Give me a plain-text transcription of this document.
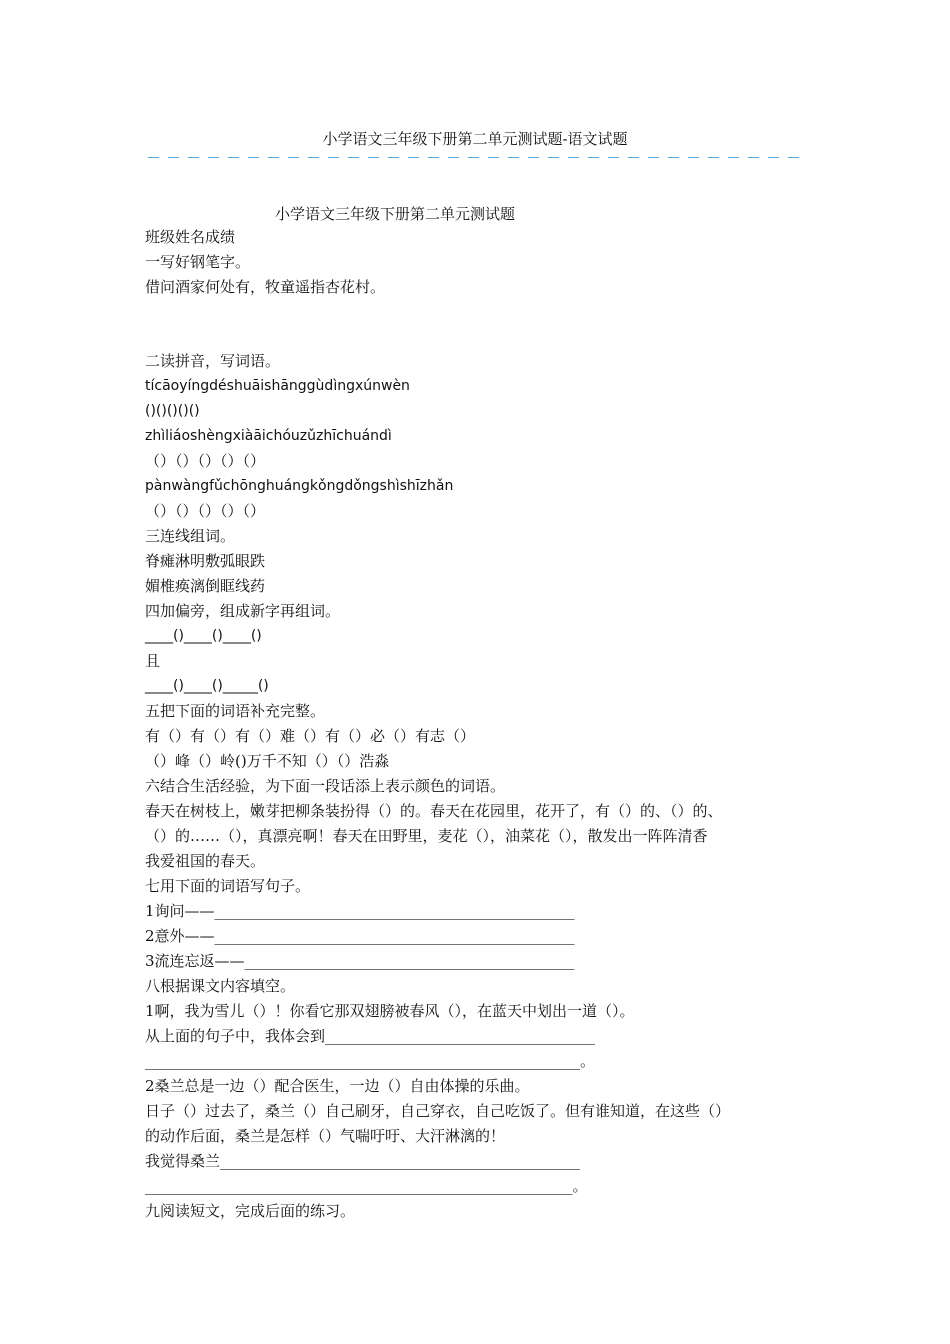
小学语文三年级下册第二单元测试题-语文试题
小学语文三年级下册第二单元测试题
班级姓名成绩
一写好钢笔字。
借问酒家何处有，牧童遥指杏花村。
二读拼音，写词语。
tícāoyíngdéshuāishānggùdìngxúnwèn
()()()()()
zhìliáoshèngxiàāichóuzǔzhīchuándì
（）（）（）（）（）
pànwàngfǔchōnghuángkǒngdǒngshìshīzhǎn
（）（）（）（）（）
三连线组词。
脊瘫淋明敷弧眼跌
媚椎痪漓倒眶线药
四加偏旁，组成新字再组词。
____()____()____()
且
____()____()_____()
五把下面的词语补充完整。
有（）有（）有（）难（）有（）必（）有志（）
（）峰（）岭()万千不知（）（）浩淼
六结合生活经验，为下面一段话添上表示颜色的词语。
春天在树枝上，嫩芽把柳条装扮得（）的。春天在花园里，花开了，有（）的、（）的、
（）的……（），真漂亮啊！春天在田野里，麦花（），油菜花（），散发出一阵阵清香
我爱祖国的春天。
七用下面的词语写句子。
1询问——________________________________________________
2意外——________________________________________________
3流连忘返——____________________________________________
八根据课文内容填空。
1啊，我为雪儿（）！你看它那双翅膀被春风（），在蓝天中划出一道（）。
从上面的句子中，我体会到____________________________________
__________________________________________________________。
2桑兰总是一边（）配合医生，一边（）自由体操的乐曲。
日子（）过去了，桑兰（）自己刷牙，自己穿衣，自己吃饭了。但有谁知道，在这些（）
的动作后面，桑兰是怎样（）气喘吁吁、大汗淋漓的！
我觉得桑兰________________________________________________
_________________________________________________________。
九阅读短文，完成后面的练习。
